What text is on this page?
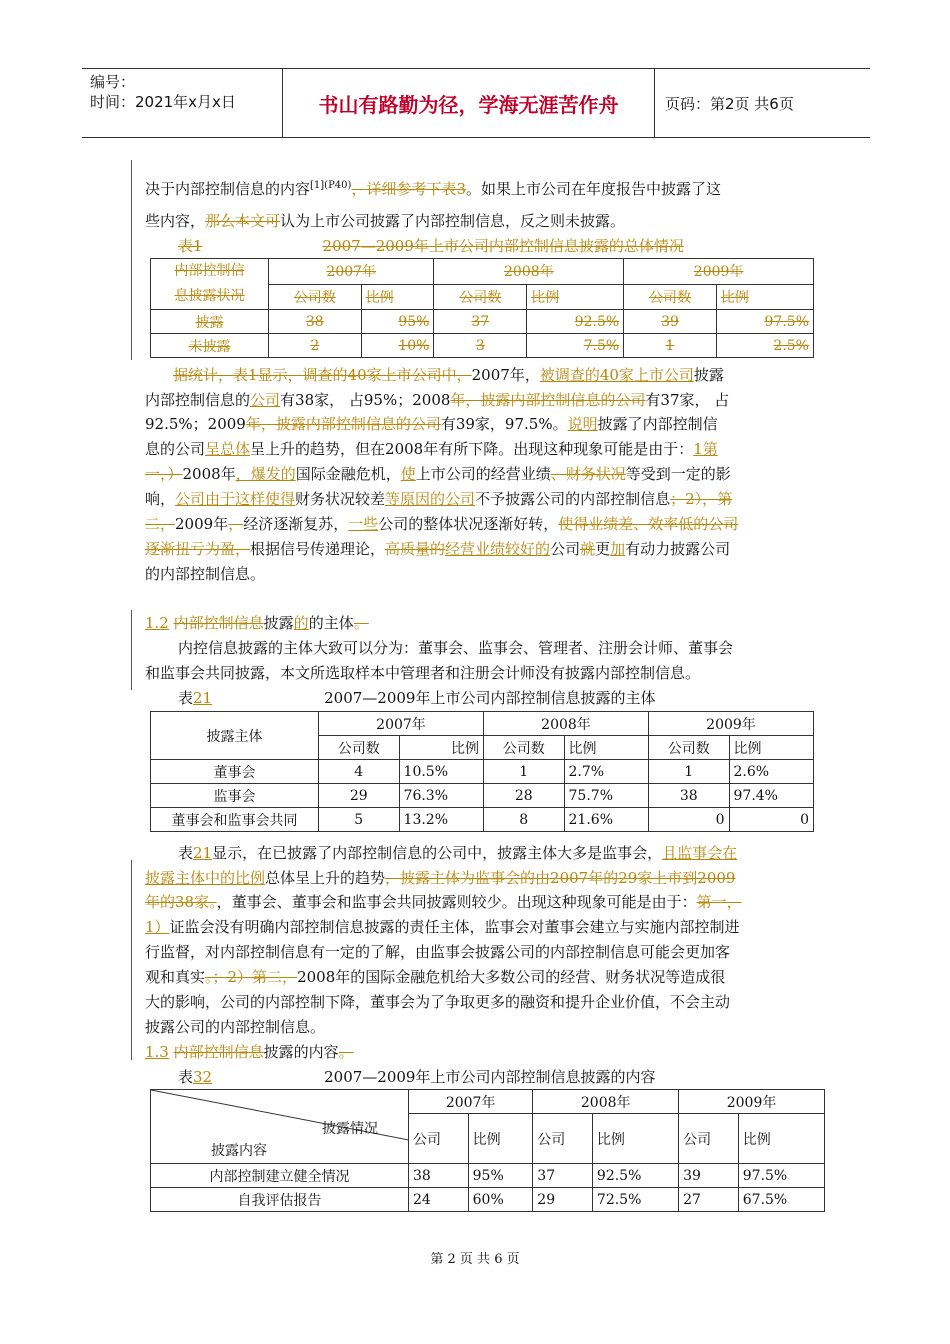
编号：
时间：2021年x月x日	书山有路勤为径，学海无涯苦作舟	页码：第2页 共6页
决于内部控制信息的内容$^{[1](P40)}$，详细参考下表3。如果上市公司在年度报告中披露了这
些内容，那么本文可认为上市公司披露了内部控制信息，反之则未披露。
表1	2007—2009年上市公司内部控制信息披露的总体情况
内部控制信
息披露状况	2007年		2008年		2009年	
	公司数	比例	公司数	比例	公司数	比例
披露	38	95%	37	92.5%	39	97.5%
未披露	2	10%	3	7.5%	1	2.5%
据统计，表1显示，调查的40家上市公司中，2007年，被调查的40家上市公司披露
内部控制信息的公司有38家， 占95%；2008年，披露内部控制信息的公司有37家， 占
92.5%；2009年，披露内部控制信息的公司有39家，97.5%。说明披露了内部控制信
息的公司呈总体呈上升的趋势，但在2008年有所下降。出现这种现象可能是由于：1第
一，）2008年，爆发的国际金融危机，使上市公司的经营业绩、财务状况等受到一定的影
响，公司由于这样使得财务状况较差等原因的公司不予披露公司的内部控制信息；2），第
二，2009年，经济逐渐复苏，一些公司的整体状况逐渐好转，使得业绩差、效率低的公司
逐渐扭亏为盈，根据信号传递理论，高质量的经营业绩较好的公司就更加有动力披露公司
的内部控制信息。
1.2 内部控制信息披露的的主体。
内控信息披露的主体大致可以分为：董事会、监事会、管理者、注册会计师、董事会
和监事会共同披露，本文所选取样本中管理者和注册会计师没有披露内部控制信息。
表21	2007—2009年上市公司内部控制信息披露的主体
披露主体	2007年		2008年		2009年	
	公司数	比例	公司数	比例	公司数	比例
董事会	4	10.5%	1	2.7%	1	2.6%
监事会	29	76.3%	28	75.7%	38	97.4%
董事会和监事会共同	5	13.2%	8	21.6%	0	0
表21显示，在已披露了内部控制信息的公司中，披露主体大多是监事会，且监事会在
披露主体中的比例总体呈上升的趋势，披露主体为监事会的由2007年的29家上市到2009
年的38家。，董事会、董事会和监事会共同披露则较少。出现这种现象可能是由于：第一，
1）证监会没有明确内部控制信息披露的责任主体，监事会对董事会建立与实施内部控制进
行监督，对内部控制信息有一定的了解，由监事会披露公司的内部控制信息可能会更加客
观和真实。；2）第二，2008年的国际金融危机给大多数公司的经营、财务状况等造成很
大的影响，公司的内部控制下降，董事会为了争取更多的融资和提升企业价值，不会主动
披露公司的内部控制信息。
1.3 内部控制信息披露的内容。
表32	2007—2009年上市公司内部控制信息披露的内容
披露情况
披露内容	2007年		2008年		2009年	
	公司	比例	公司	比例	公司	比例
内部控制建立健全情况	38	95%	37	92.5%	39	97.5%
自我评估报告	24	60%	29	72.5%	27	67.5%
第 2 页 共 6 页
